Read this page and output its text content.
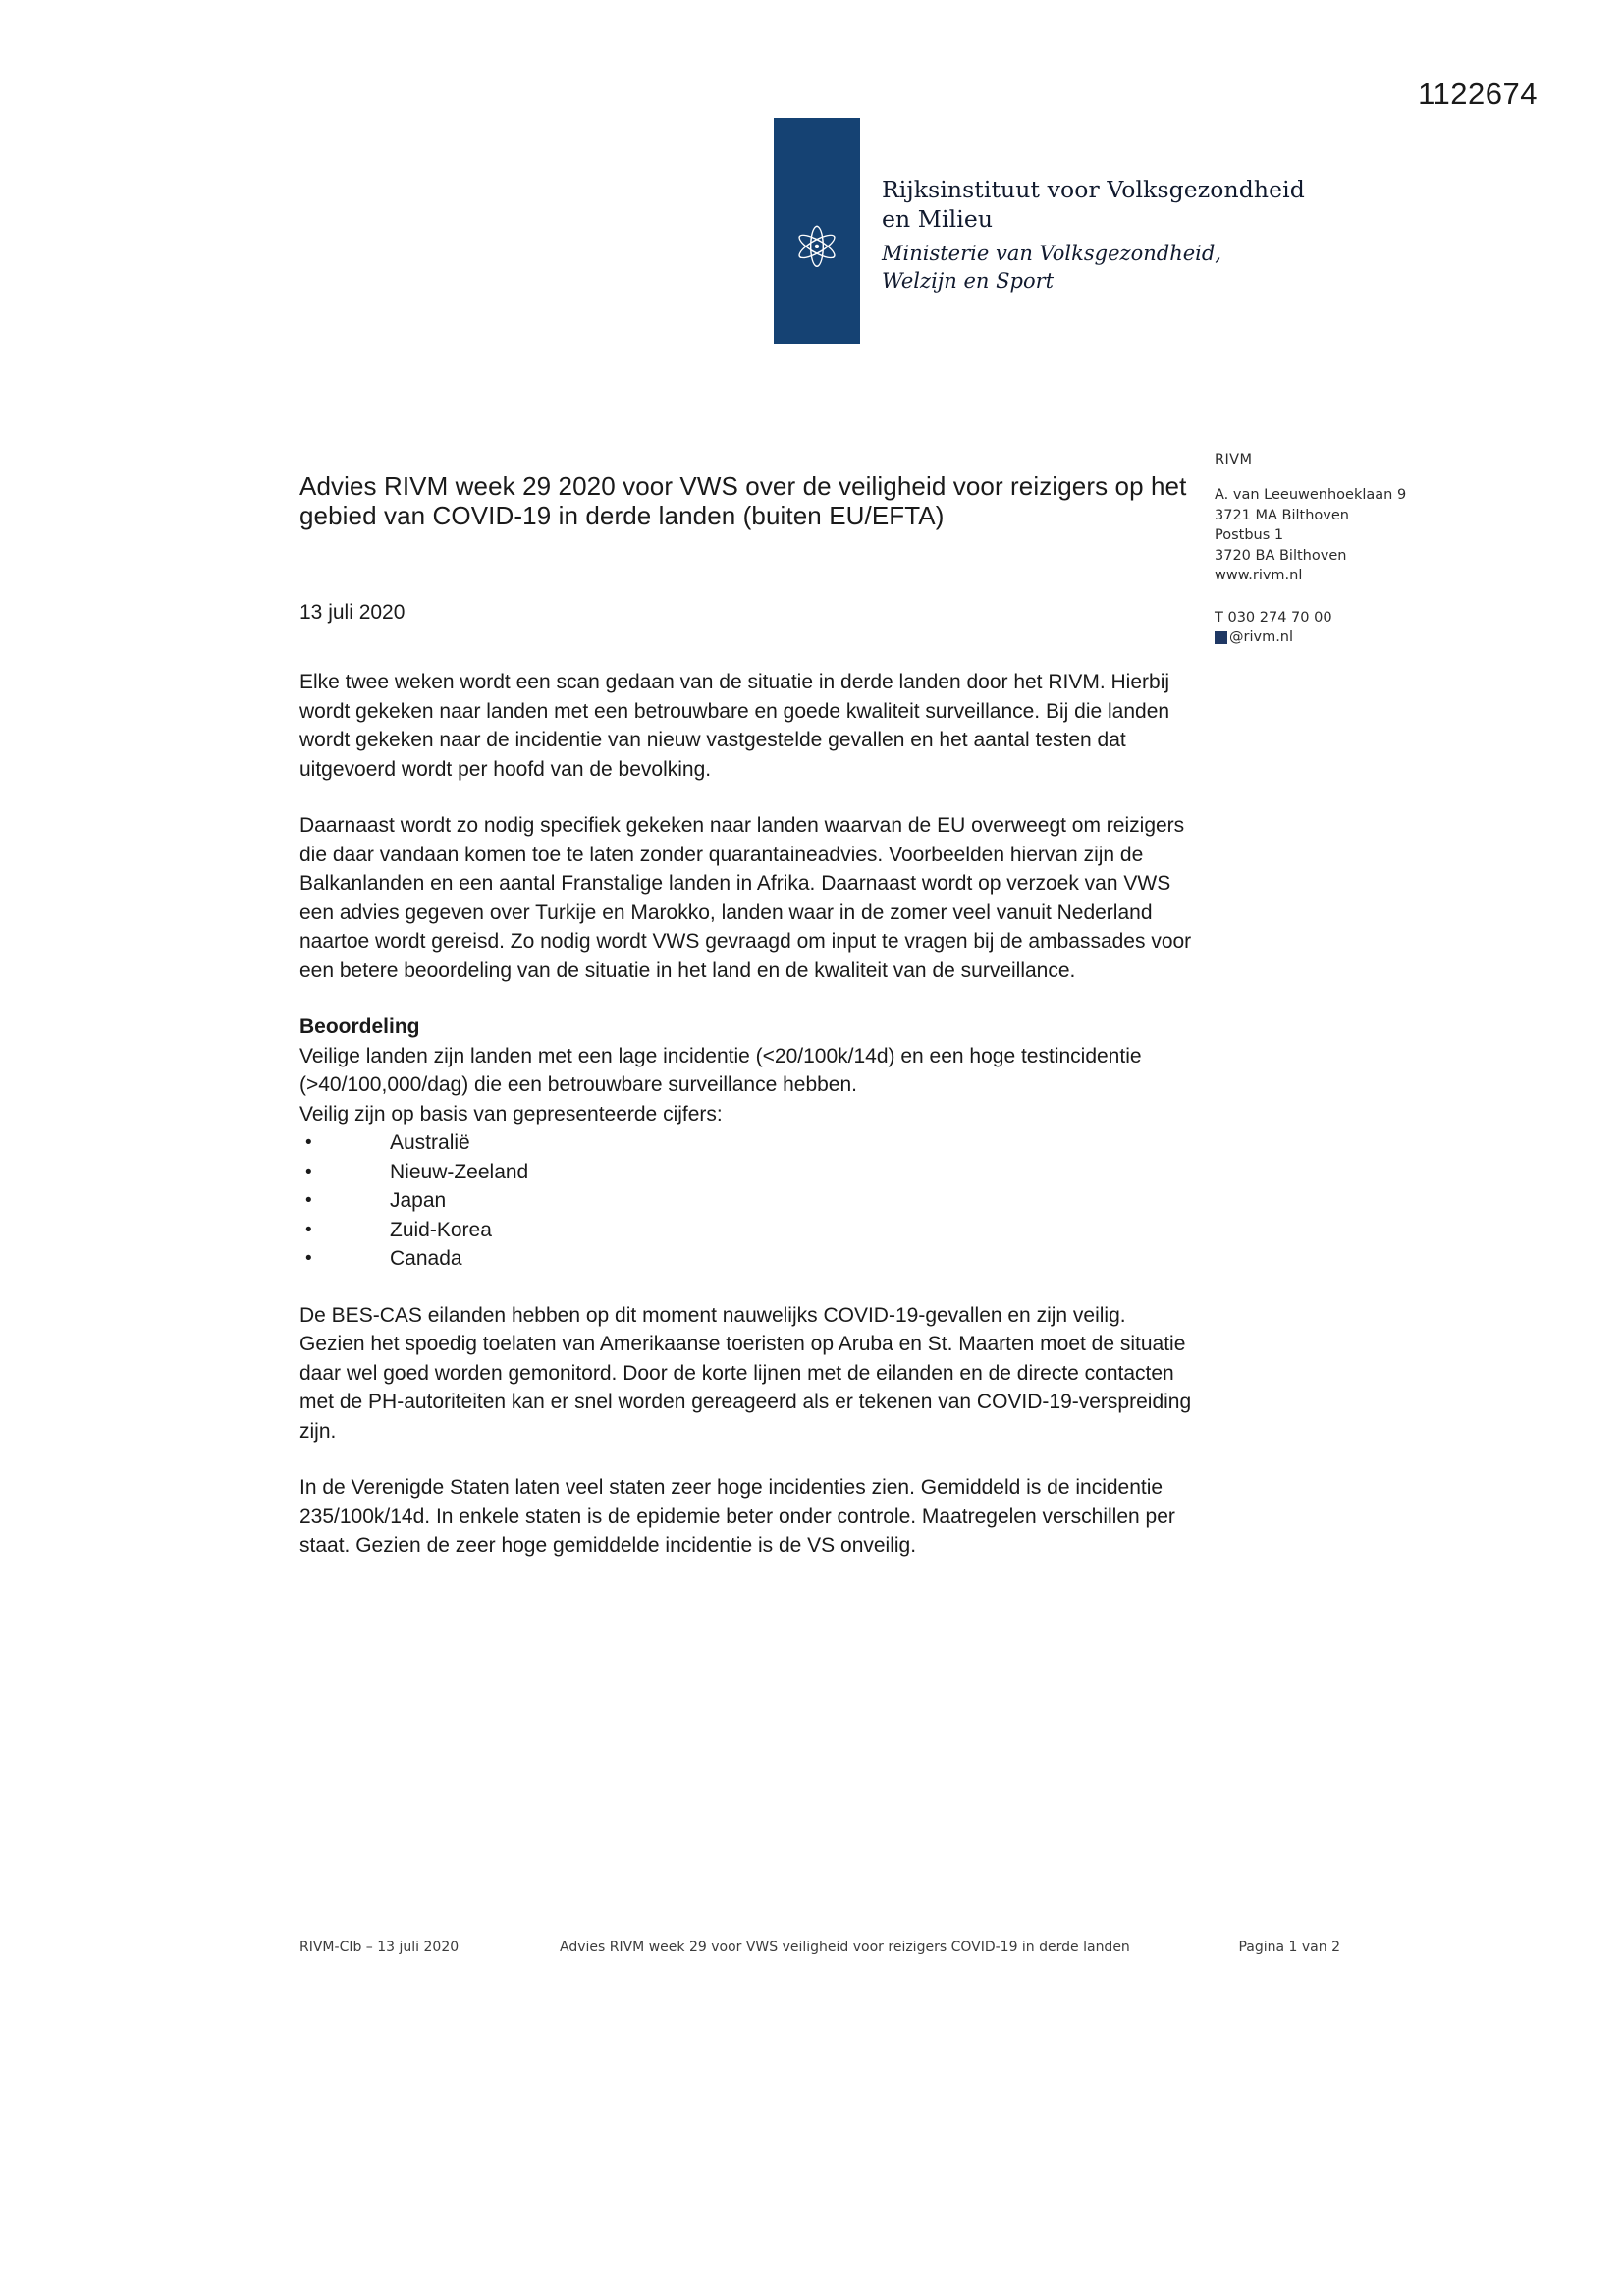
1122674
⚛
Rijksinstituut voor Volksgezondheid
en Milieu
Ministerie van Volksgezondheid,
Welzijn en Sport
RIVM
A. van Leeuwenhoeklaan 9
3721 MA Bilthoven
Postbus 1
3720 BA Bilthoven
www.rivm.nl
T 030 274 70 00
@rivm.nl
Advies RIVM week 29 2020 voor VWS over de veiligheid voor reizigers op het gebied van COVID-19 in derde landen (buiten EU/EFTA)
13 juli 2020

Elke twee weken wordt een scan gedaan van de situatie in derde landen door het RIVM. Hierbij wordt gekeken naar landen met een betrouwbare en goede kwaliteit surveillance. Bij die landen wordt gekeken naar de incidentie van nieuw vastgestelde gevallen en het aantal testen dat uitgevoerd wordt per hoofd van de bevolking.

Daarnaast wordt zo nodig specifiek gekeken naar landen waarvan de EU overweegt om reizigers die daar vandaan komen toe te laten zonder quarantaineadvies. Voorbeelden hiervan zijn de Balkanlanden en een aantal Franstalige landen in Afrika. Daarnaast wordt op verzoek van VWS een advies gegeven over Turkije en Marokko, landen waar in de zomer veel vanuit Nederland naartoe wordt gereisd. Zo nodig wordt VWS gevraagd om input te vragen bij de ambassades voor een betere beoordeling van de situatie in het land en de kwaliteit van de surveillance.

Beoordeling

Veilige landen zijn landen met een lage incidentie (<20/100k/14d) en een hoge testincidentie (>40/100,000/dag) die een betrouwbare surveillance hebben.

Veilig zijn op basis van gepresenteerde cijfers:

• Australië
• Nieuw-Zeeland
• Japan
• Zuid-Korea
• Canada

De BES-CAS eilanden hebben op dit moment nauwelijks COVID-19-gevallen en zijn veilig. Gezien het spoedig toelaten van Amerikaanse toeristen op Aruba en St. Maarten moet de situatie daar wel goed worden gemonitord. Door de korte lijnen met de eilanden en de directe contacten met de PH-autoriteiten kan er snel worden gereageerd als er tekenen van COVID-19-verspreiding zijn.

In de Verenigde Staten laten veel staten zeer hoge incidenties zien. Gemiddeld is de incidentie 235/100k/14d. In enkele staten is de epidemie beter onder controle. Maatregelen verschillen per staat. Gezien de zeer hoge gemiddelde incidentie is de VS onveilig.

RIVM-CIb – 13 juli 2020	Advies RIVM week 29 voor VWS veiligheid voor reizigers COVID-19 in derde landen	Pagina 1 van 2
